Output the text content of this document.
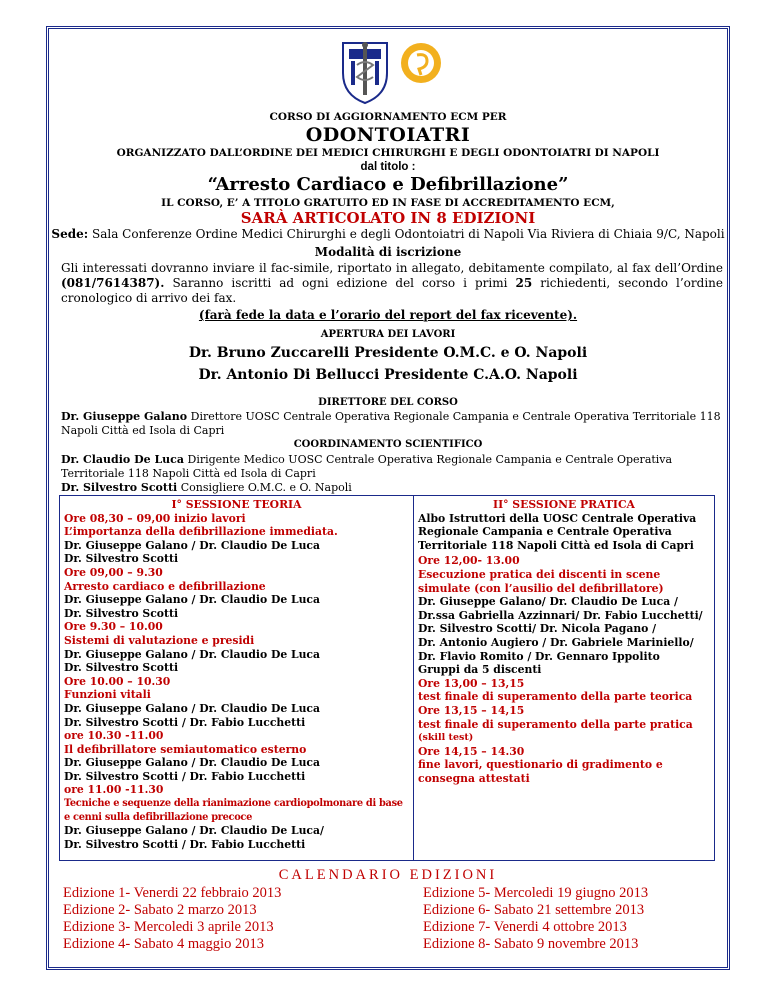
CORSO DI AGGIORNAMENTO ECM PER
ODONTOIATRI
ORGANIZZATO DALL’ORDINE DEI MEDICI CHIRURGHI E DEGLI ODONTOIATRI DI NAPOLI
dal titolo :
“Arresto Cardiaco e Defibrillazione”
IL CORSO, E’ A TITOLO GRATUITO ED IN FASE DI ACCREDITAMENTO ECM,
SARÀ ARTICOLATO IN 8 EDIZIONI
Sede: Sala Conferenze Ordine Medici Chirurghi e degli Odontoiatri di Napoli Via Riviera di Chiaia 9/C, Napoli
Modalità di iscrizione
Gli interessati dovranno inviare il fac-simile, riportato in allegato, debitamente compilato, al fax dell’Ordine (081/7614387). Saranno iscritti ad ogni edizione del corso i primi 25 richiedenti, secondo l’ordine cronologico di arrivo dei fax.
(farà fede la data e l’orario del report del fax ricevente).
APERTURA DEI LAVORI
Dr. Bruno Zuccarelli Presidente O.M.C. e O. Napoli
Dr. Antonio Di Bellucci Presidente C.A.O. Napoli
DIRETTORE DEL CORSO
Dr. Giuseppe Galano Direttore UOSC Centrale Operativa Regionale Campania e Centrale Operativa Territoriale 118 Napoli Città ed Isola di Capri
COORDINAMENTO SCIENTIFICO
Dr. Claudio De Luca Dirigente Medico UOSC Centrale Operativa Regionale Campania e Centrale Operativa Territoriale 118 Napoli Città ed Isola di Capri
Dr. Silvestro Scotti Consigliere O.M.C. e O. Napoli
I° SESSIONE TEORIA
Ore 08,30 – 09,00 inizio lavori
L’importanza della defibrillazione immediata.
Dr. Giuseppe Galano / Dr. Claudio De Luca
Dr. Silvestro Scotti
Ore 09,00 – 9.30
Arresto cardiaco e defibrillazione
Dr. Giuseppe Galano / Dr. Claudio De Luca
Dr. Silvestro Scotti
Ore 9.30 – 10.00
Sistemi di valutazione e presidi
Dr. Giuseppe Galano / Dr. Claudio De Luca
Dr. Silvestro Scotti
Ore 10.00 – 10.30
Funzioni vitali
Dr. Giuseppe Galano / Dr. Claudio De Luca
Dr. Silvestro Scotti / Dr. Fabio Lucchetti
ore 10.30 -11.00
Il defibrillatore semiautomatico esterno
Dr. Giuseppe Galano / Dr. Claudio De Luca
Dr. Silvestro Scotti / Dr. Fabio Lucchetti
ore 11.00 -11.30
Tecniche e sequenze della rianimazione cardiopolmonare di base e cenni sulla defibrillazione precoce
Dr. Giuseppe Galano / Dr. Claudio De Luca/
Dr. Silvestro Scotti / Dr. Fabio Lucchetti
II° SESSIONE PRATICA
Albo Istruttori della UOSC Centrale Operativa Regionale Campania e Centrale Operativa Territoriale 118 Napoli Città ed Isola di Capri
Ore 12,00- 13.00
Esecuzione pratica dei discenti in scene simulate (con l’ausilio del defibrillatore)
Dr. Giuseppe Galano/ Dr. Claudio De Luca /
Dr.ssa Gabriella Azzinnari/ Dr. Fabio Lucchetti/
Dr. Silvestro Scotti/ Dr. Nicola Pagano /
Dr. Antonio Augiero / Dr. Gabriele Mariniello/
Dr. Flavio Romito / Dr. Gennaro Ippolito
Gruppi da 5 discenti
Ore 13,00 – 13,15
test finale di superamento della parte teorica
Ore 13,15 – 14,15
test finale di superamento della parte pratica
(skill test)
Ore 14,15 – 14.30
fine lavori, questionario di gradimento e consegna attestati
CALENDARIO EDIZIONI
Edizione 1- Venerdi 22 febbraio 2013
Edizione 2- Sabato 2 marzo 2013
Edizione 3- Mercoledi 3 aprile 2013
Edizione 4- Sabato 4 maggio 2013
Edizione 5- Mercoledi 19 giugno 2013
Edizione 6- Sabato 21 settembre 2013
Edizione 7- Venerdi 4 ottobre 2013
Edizione 8- Sabato 9 novembre 2013
